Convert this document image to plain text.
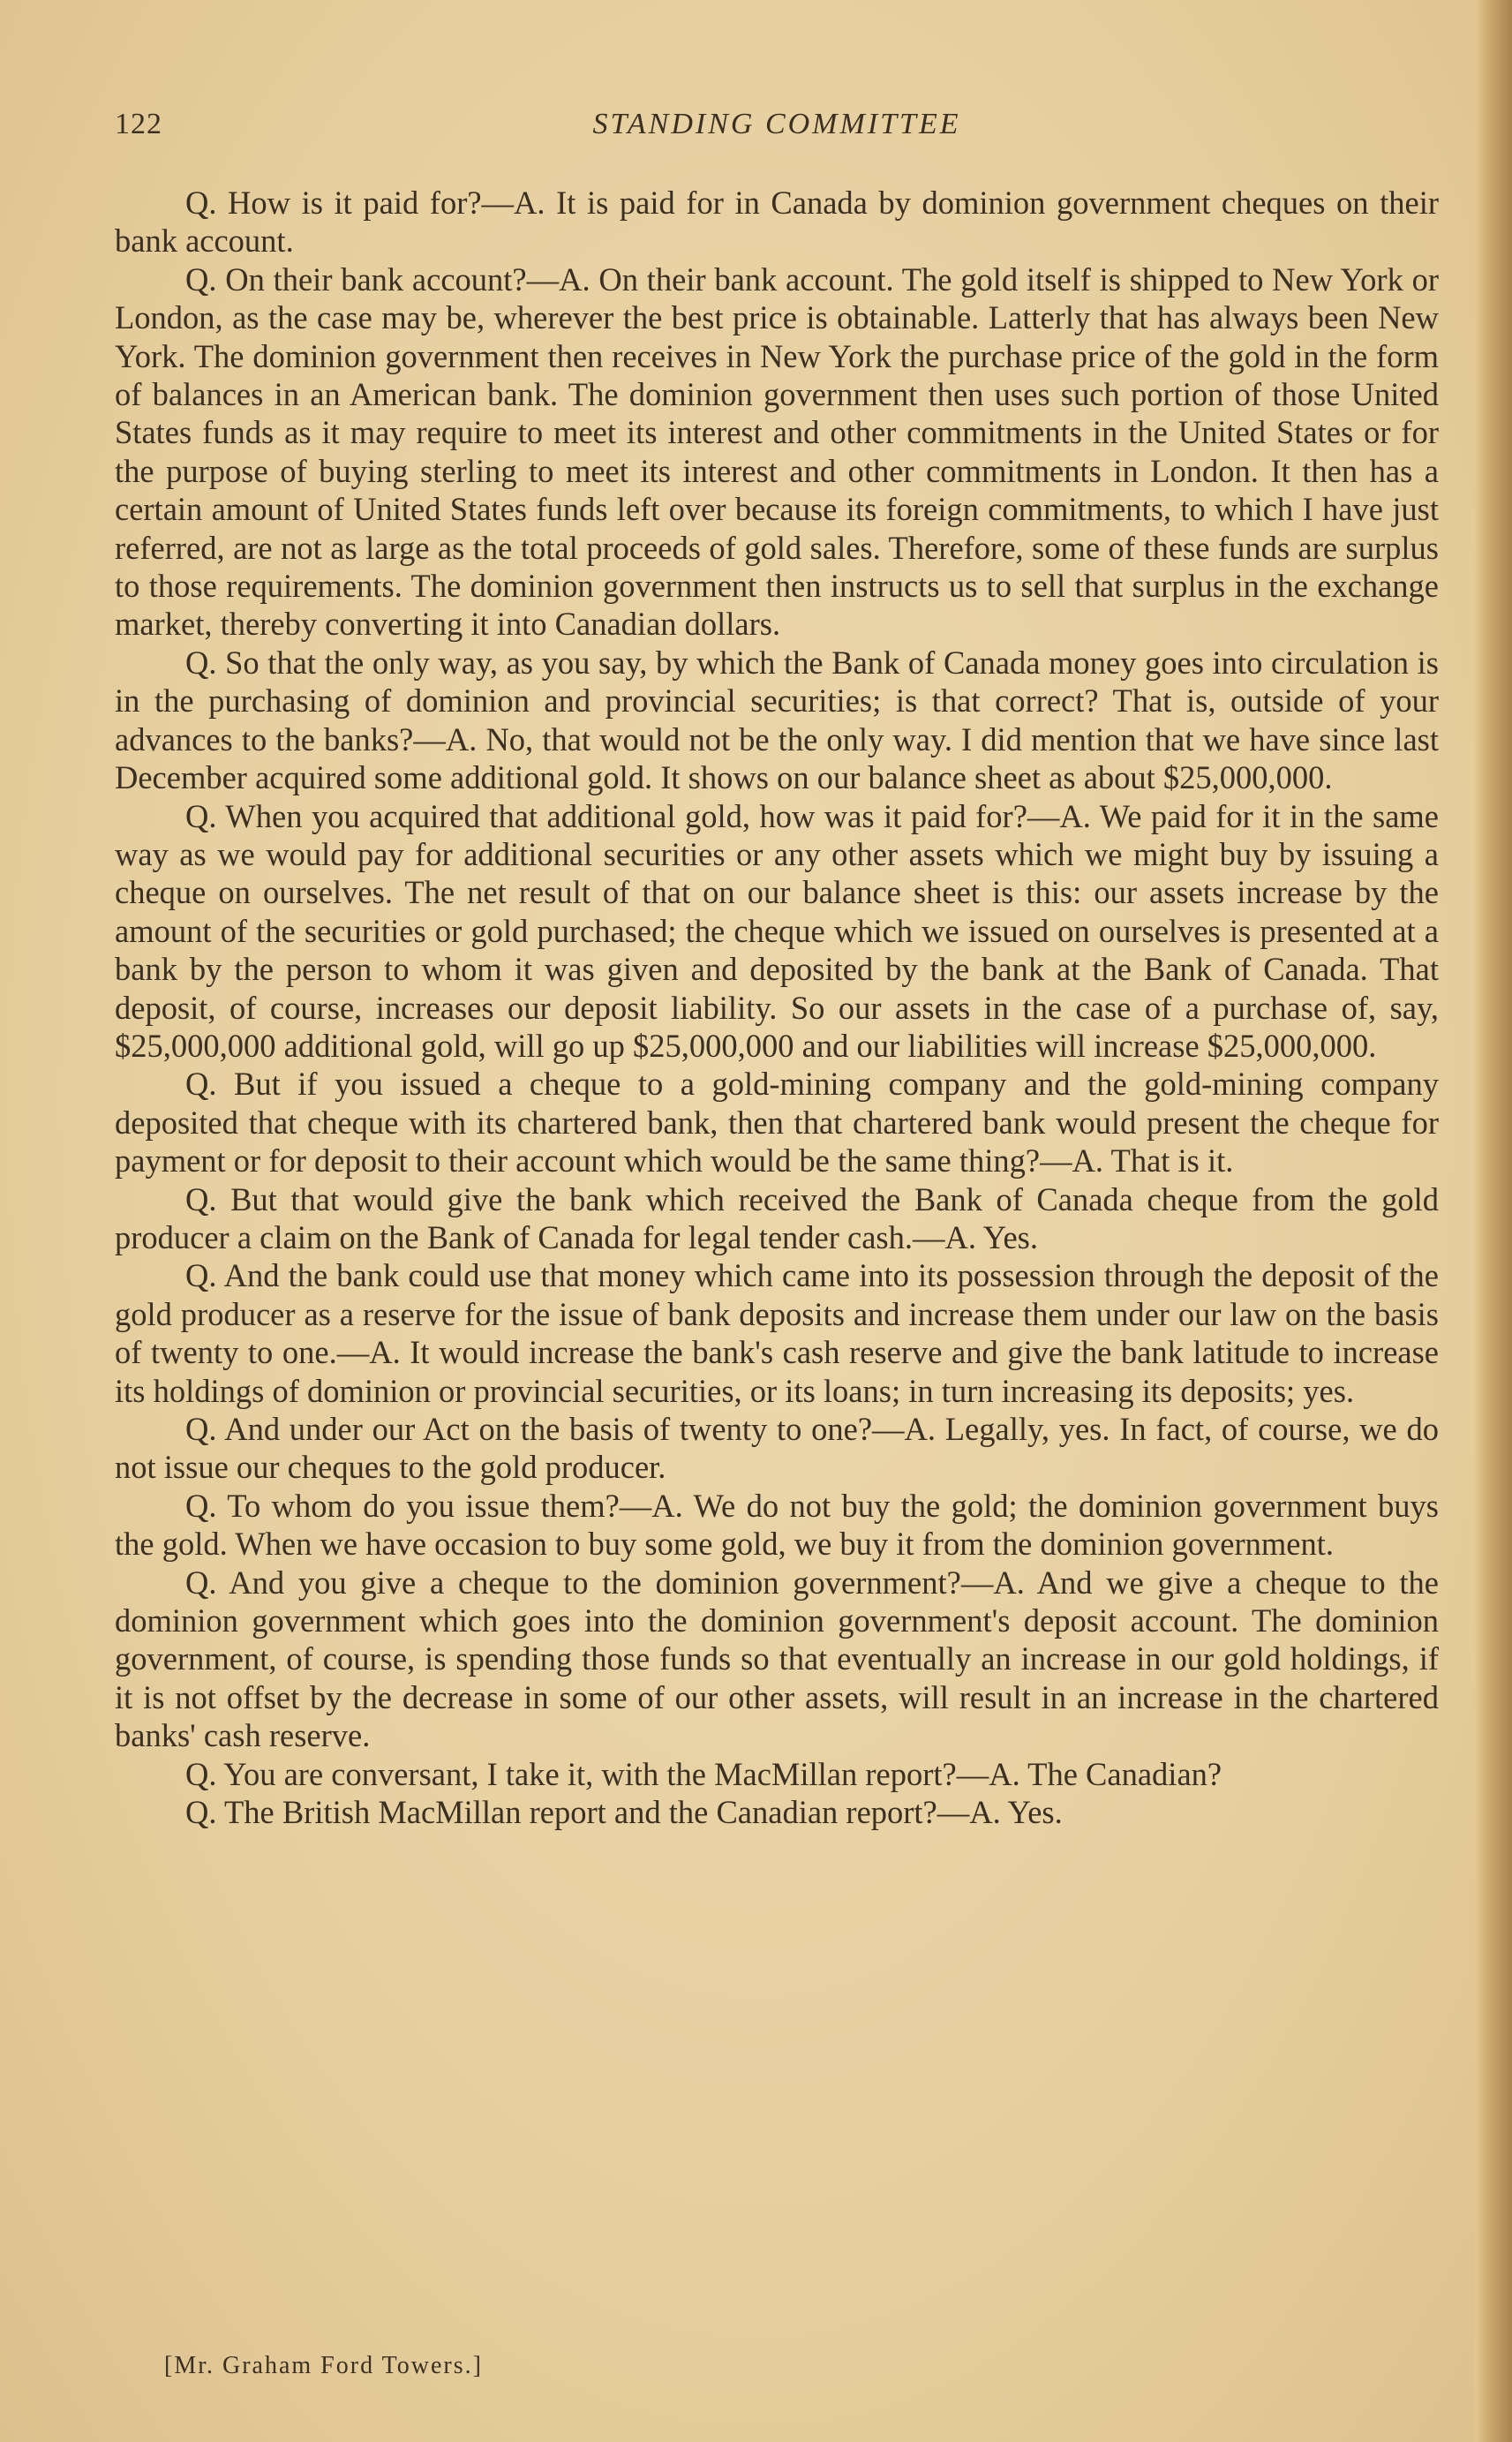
122	STANDING COMMITTEE

Q. How is it paid for?—A. It is paid for in Canada by dominion government cheques on their bank account.

Q. On their bank account?—A. On their bank account. The gold itself is shipped to New York or London, as the case may be, wherever the best price is obtainable. Latterly that has always been New York. The dominion government then receives in New York the purchase price of the gold in the form of balances in an American bank. The dominion government then uses such portion of those United States funds as it may require to meet its interest and other commitments in the United States or for the purpose of buying sterling to meet its interest and other commitments in London. It then has a certain amount of United States funds left over because its foreign commitments, to which I have just referred, are not as large as the total proceeds of gold sales. Therefore, some of these funds are surplus to those requirements. The dominion government then instructs us to sell that surplus in the exchange market, thereby converting it into Canadian dollars.

Q. So that the only way, as you say, by which the Bank of Canada money goes into circulation is in the purchasing of dominion and provincial securities; is that correct? That is, outside of your advances to the banks?—A. No, that would not be the only way. I did mention that we have since last December acquired some additional gold. It shows on our balance sheet as about $25,000,000.

Q. When you acquired that additional gold, how was it paid for?—A. We paid for it in the same way as we would pay for additional securities or any other assets which we might buy by issuing a cheque on ourselves. The net result of that on our balance sheet is this: our assets increase by the amount of the securities or gold purchased; the cheque which we issued on ourselves is presented at a bank by the person to whom it was given and deposited by the bank at the Bank of Canada. That deposit, of course, increases our deposit liability. So our assets in the case of a purchase of, say, $25,000,000 additional gold, will go up $25,000,000 and our liabilities will increase $25,000,000.

Q. But if you issued a cheque to a gold-mining company and the gold-mining company deposited that cheque with its chartered bank, then that chartered bank would present the cheque for payment or for deposit to their account which would be the same thing?—A. That is it.

Q. But that would give the bank which received the Bank of Canada cheque from the gold producer a claim on the Bank of Canada for legal tender cash.—A. Yes.

Q. And the bank could use that money which came into its possession through the deposit of the gold producer as a reserve for the issue of bank deposits and increase them under our law on the basis of twenty to one.—A. It would increase the bank's cash reserve and give the bank latitude to increase its holdings of dominion or provincial securities, or its loans; in turn increasing its deposits; yes.

Q. And under our Act on the basis of twenty to one?—A. Legally, yes. In fact, of course, we do not issue our cheques to the gold producer.

Q. To whom do you issue them?—A. We do not buy the gold; the dominion government buys the gold. When we have occasion to buy some gold, we buy it from the dominion government.

Q. And you give a cheque to the dominion government?—A. And we give a cheque to the dominion government which goes into the dominion government's deposit account. The dominion government, of course, is spending those funds so that eventually an increase in our gold holdings, if it is not offset by the decrease in some of our other assets, will result in an increase in the chartered banks' cash reserve.

Q. You are conversant, I take it, with the MacMillan report?—A. The Canadian?

Q. The British MacMillan report and the Canadian report?—A. Yes.

[Mr. Graham Ford Towers.]
